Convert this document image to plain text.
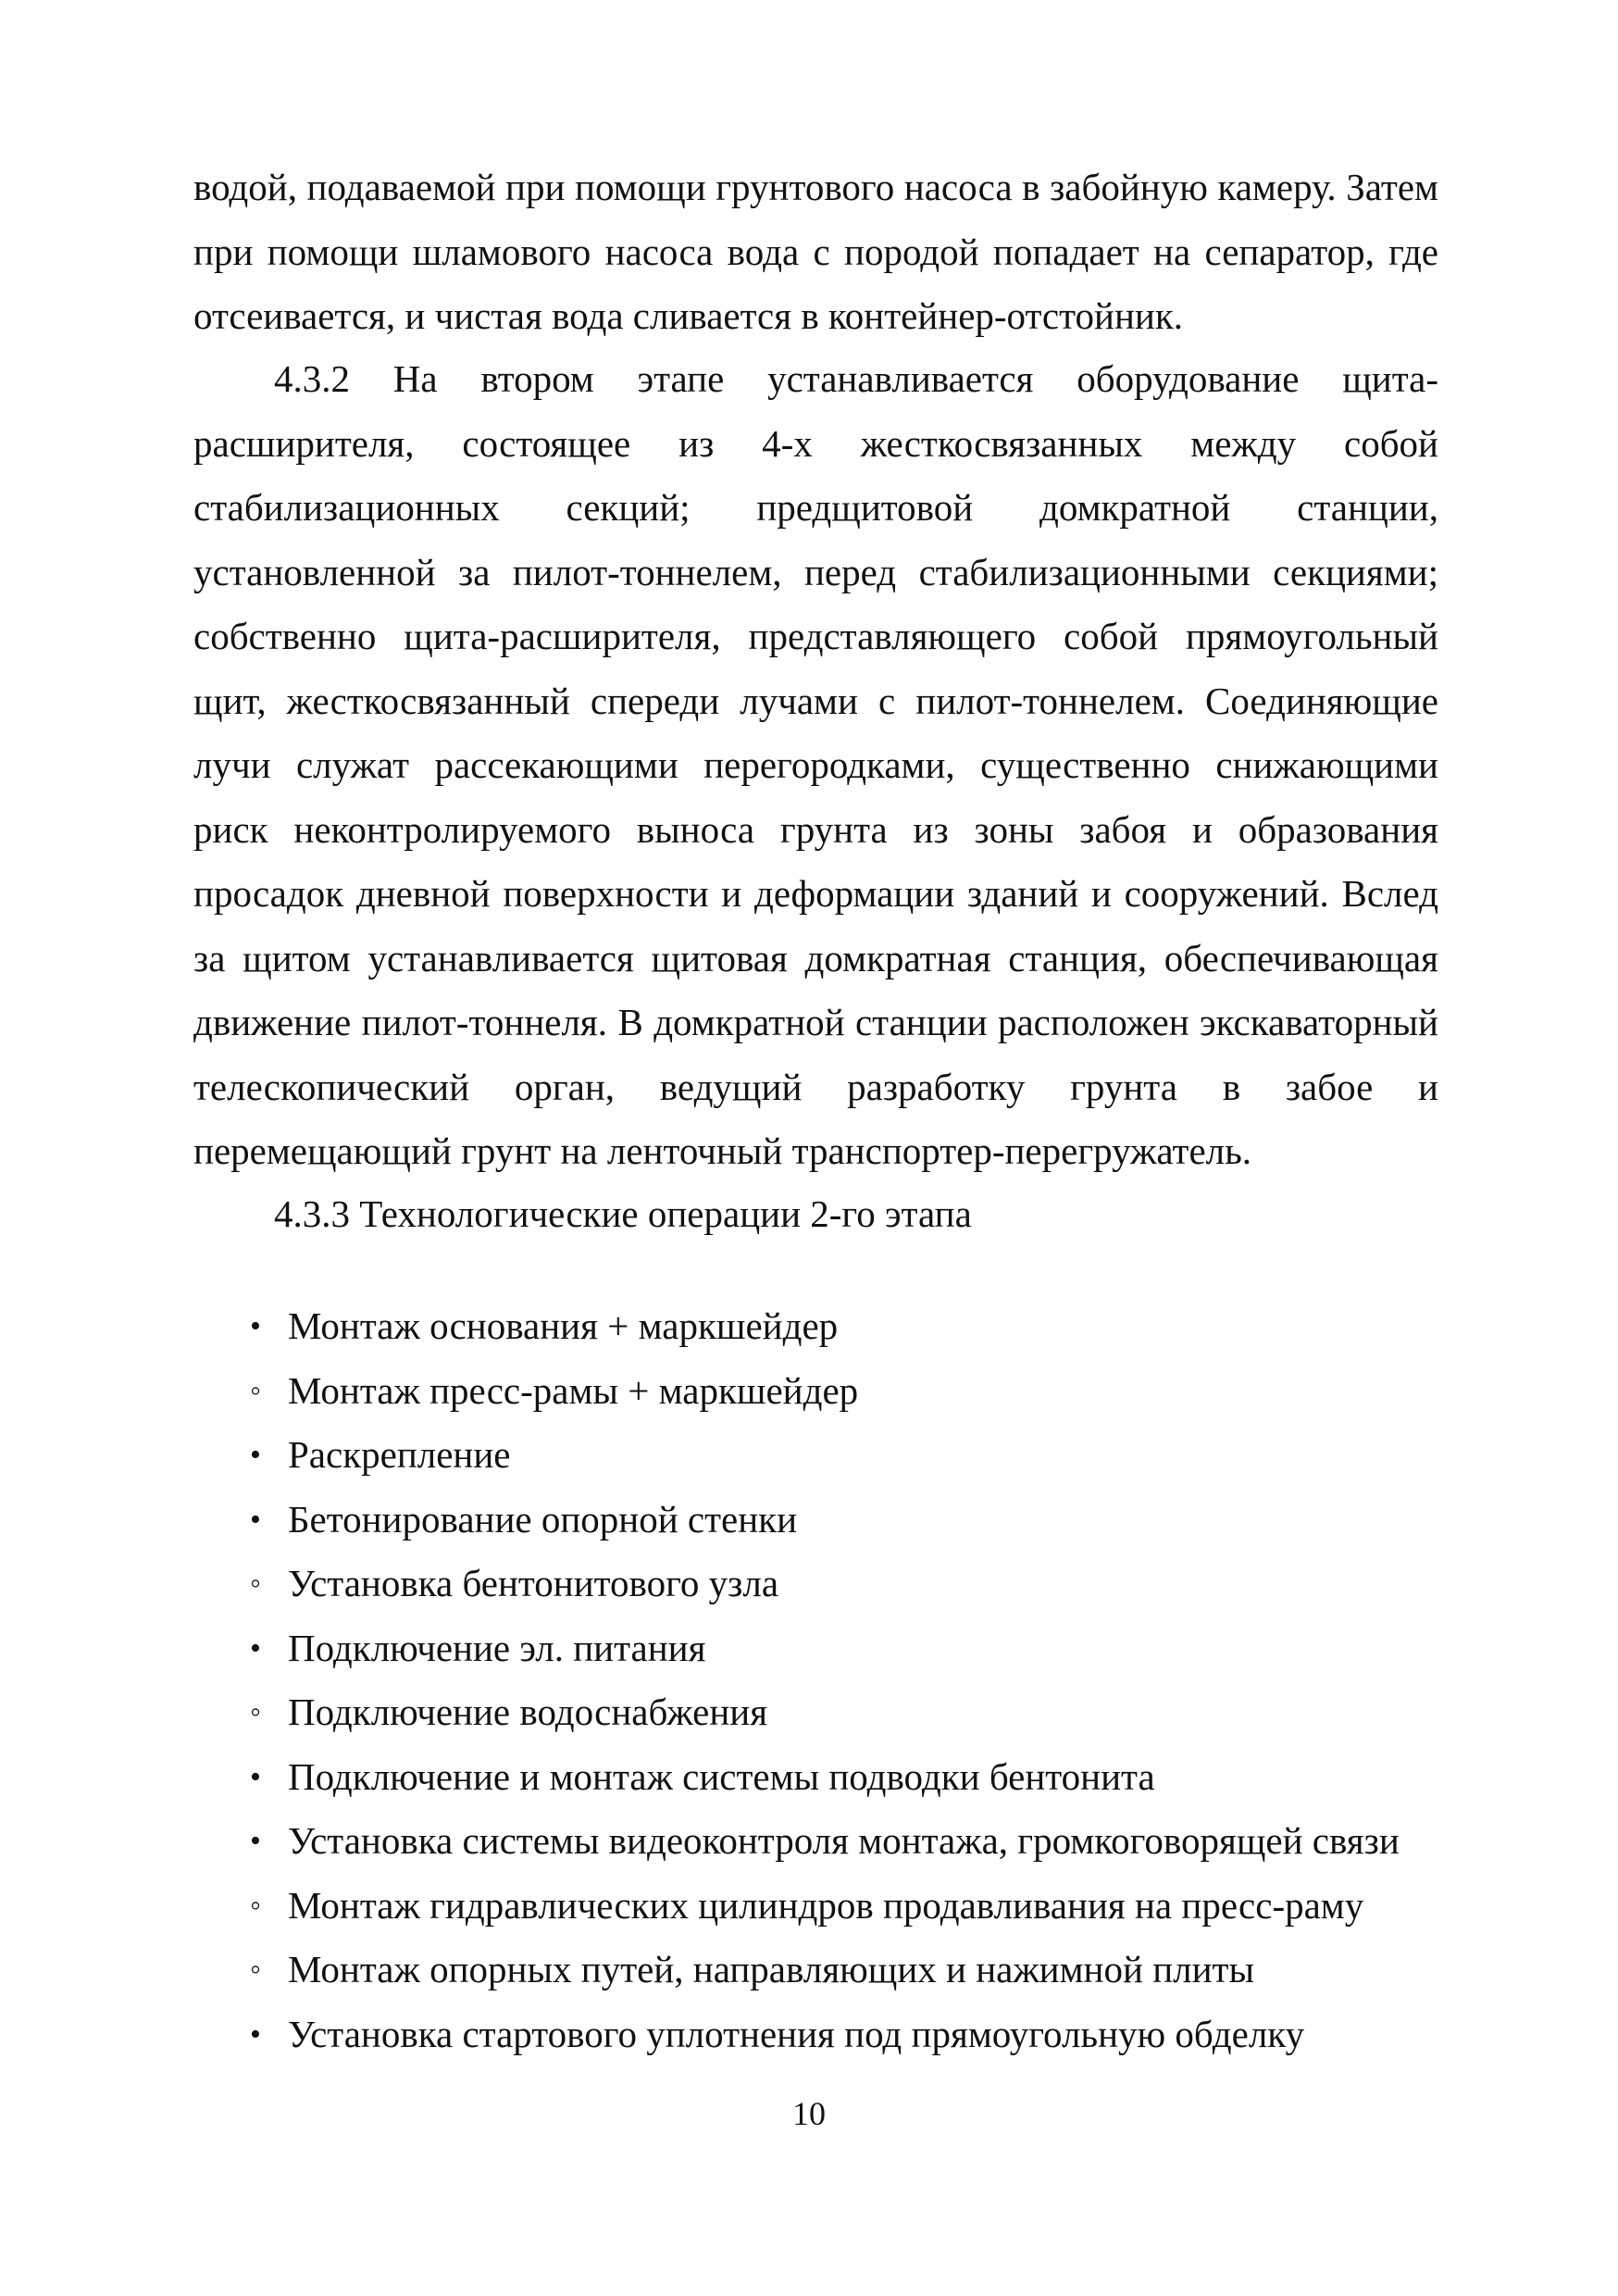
водой, подаваемой при помощи грунтового насоса в забойную камеру. Затем при помощи шламового насоса вода с породой попадает на сепаратор, где отсеивается, и чистая вода сливается в контейнер-отстойник.

4.3.2 На втором этапе устанавливается оборудование щита-расширителя, состоящее из 4-х жесткосвязанных между собой стабилизационных секций; предщитовой домкратной станции, установленной за пилот-тоннелем, перед стабилизационными секциями; собственно щита-расширителя, представляющего собой прямоугольный щит, жесткосвязанный спереди лучами с пилот-тоннелем. Соединяющие лучи служат рассекающими перегородками, существенно снижающими риск неконтролируемого выноса грунта из зоны забоя и образования просадок дневной поверхности и деформации зданий и сооружений. Вслед за щитом устанавливается щитовая домкратная станция, обеспечивающая движение пилот-тоннеля. В домкратной станции расположен экскаваторный телескопический орган, ведущий разработку грунта в забое и перемещающий грунт на ленточный транспортер-перегружатель.

4.3.3 Технологические операции 2-го этапа

• Монтаж основания + маркшейдер
◦ Монтаж пресс-рамы + маркшейдер
• Раскрепление
• Бетонирование опорной стенки
◦ Установка бентонитового узла
• Подключение эл. питания
◦ Подключение водоснабжения
• Подключение и монтаж системы подводки бентонита
• Установка системы видеоконтроля монтажа, громкоговорящей связи
◦ Монтаж гидравлических цилиндров продавливания на пресс-раму
◦ Монтаж опорных путей, направляющих и нажимной плиты
• Установка стартового уплотнения под прямоугольную обделку
10
